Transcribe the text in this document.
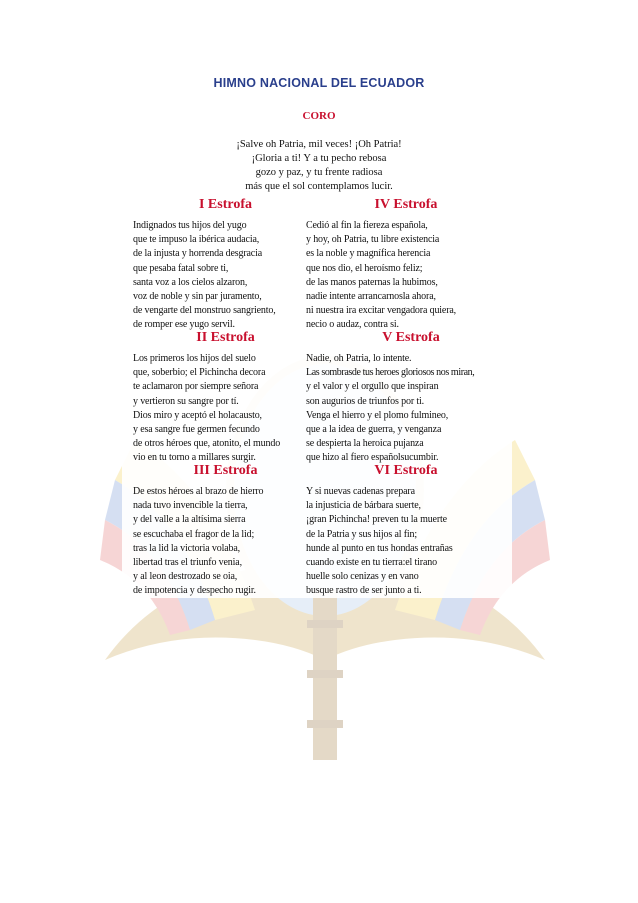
HIMNO NACIONAL DEL ECUADOR
CORO
¡Salve oh Patria, mil veces! ¡Oh Patria!
¡Gloria a ti! Y a tu pecho rebosa
gozo y paz, y tu frente radiosa
más que el sol contemplamos lucir.
I Estrofa
Indignados tus hijos del yugo
que te impuso la ibérica audacia,
de la injusta y horrenda desgracia
que pesaba fatal sobre ti,
santa voz a los cielos alzaron,
voz de noble y sin par juramento,
de vengarte del monstruo sangriento,
de romper ese yugo servil.
IV Estrofa
Cedió al fin la fiereza española,
y hoy, oh Patria, tu libre existencia
es la noble y magnífica herencia
que nos dio, el heroísmo feliz;
de las manos paternas la hubimos,
nadie intente arrancarnosla ahora,
ni nuestra ira excitar vengadora quiera,
necio o audaz, contra si.
II Estrofa
Los primeros los hijos del suelo
que, soberbio; el Pichincha decora
te aclamaron por siempre señora
y vertieron su sangre por tí.
Dios miro y aceptó el holacausto,
y esa sangre fue germen fecundo
de otros héroes que, atonito, el mundo
vio en tu torno a millares surgir.
V Estrofa
Nadie, oh Patria, lo intente.
Las sombrasde tus heroes gloriosos nos miran,
y el valor y el orgullo que inspiran
son augurios de triunfos por ti.
Venga el hierro y el plomo fulmineo,
que a la idea de guerra, y venganza
se despierta la heroica pujanza
que hizo al fiero españolsucumbir.
III Estrofa
De estos héroes al brazo de hierro
nada tuvo invencible la tierra,
y del valle a la altísima sierra
se escuchaba el fragor de la lid;
tras la lid la victoria volaba,
libertad tras el triunfo venia,
y al leon destrozado se oia,
de impotencia y despecho rugir.
VI Estrofa
Y si nuevas cadenas prepara
la injusticia de bárbara suerte,
¡gran Pichincha! preven tu la muerte
de la Patria y sus hijos al fin;
hunde al punto en tus hondas entrañas
cuando existe en tu tierra:el tirano
huelle solo cenizas y en vano
busque rastro de ser junto a ti.
